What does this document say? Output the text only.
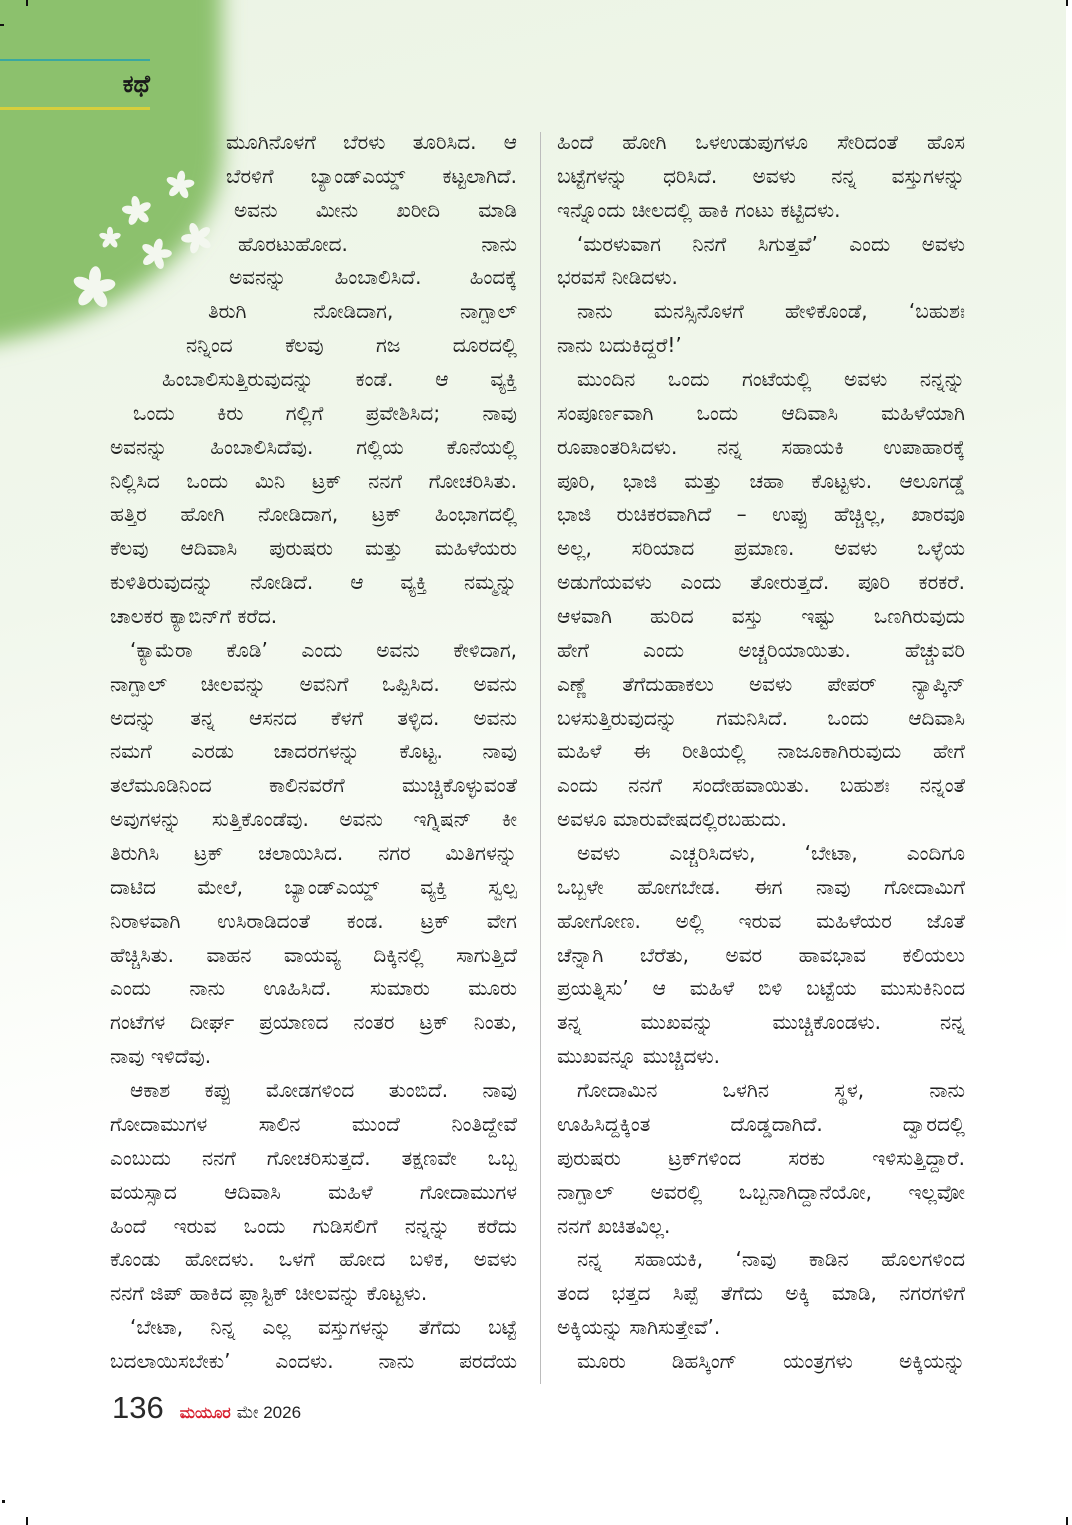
ಕಥೆ
ಮೂಗಿನೊಳಗೆ ಬೆರಳು ತೂರಿಸಿದ. ಆ
ಬೆರಳಿಗೆ ಬ್ಯಾಂಡ್‌ಎಯ್ಡ್ ಕಟ್ಟಲಾಗಿದೆ.
ಅವನು ಮೀನು ಖರೀದಿ ಮಾಡಿ
ಹೊರಟುಹೋದ. ನಾನು
ಅವನನ್ನು ಹಿಂಬಾಲಿಸಿದೆ. ಹಿಂದಕ್ಕೆ
ತಿರುಗಿ ನೋಡಿದಾಗ, ನಾಗ್ಪಾಲ್
ನನ್ನಿಂದ ಕೆಲವು ಗಜ ದೂರದಲ್ಲಿ
ಹಿಂಬಾಲಿಸುತ್ತಿರುವುದನ್ನು ಕಂಡೆ. ಆ ವ್ಯಕ್ತಿ
ಒಂದು ಕಿರು ಗಲ್ಲಿಗೆ ಪ್ರವೇಶಿಸಿದ; ನಾವು
ಅವನನ್ನು ಹಿಂಬಾಲಿಸಿದೆವು. ಗಲ್ಲಿಯ ಕೊನೆಯಲ್ಲಿ
ನಿಲ್ಲಿಸಿದ ಒಂದು ಮಿನಿ ಟ್ರಕ್ ನನಗೆ ಗೋಚರಿಸಿತು.
ಹತ್ತಿರ ಹೋಗಿ ನೋಡಿದಾಗ, ಟ್ರಕ್ ಹಿಂಭಾಗದಲ್ಲಿ
ಕೆಲವು ಆದಿವಾಸಿ ಪುರುಷರು ಮತ್ತು ಮಹಿಳೆಯರು
ಕುಳಿತಿರುವುದನ್ನು ನೋಡಿದೆ. ಆ ವ್ಯಕ್ತಿ ನಮ್ಮನ್ನು
ಚಾಲಕರ ಕ್ಯಾಬಿನ್‌ಗೆ ಕರೆದ.
‘ಕ್ಯಾಮೆರಾ ಕೊಡಿ’ ಎಂದು ಅವನು ಕೇಳಿದಾಗ,
ನಾಗ್ಪಾಲ್ ಚೀಲವನ್ನು ಅವನಿಗೆ ಒಪ್ಪಿಸಿದ. ಅವನು
ಅದನ್ನು ತನ್ನ ಆಸನದ ಕೆಳಗೆ ತಳ್ಳಿದ. ಅವನು
ನಮಗೆ ಎರಡು ಚಾದರಗಳನ್ನು ಕೊಟ್ಟ. ನಾವು
ತಲೆಮೂಡಿನಿಂದ ಕಾಲಿನವರೆಗೆ ಮುಚ್ಚಿಕೊಳ್ಳುವಂತೆ
ಅವುಗಳನ್ನು ಸುತ್ತಿಕೊಂಡೆವು. ಅವನು ಇಗ್ನಿಷನ್ ಕೀ
ತಿರುಗಿಸಿ ಟ್ರಕ್ ಚಲಾಯಿಸಿದ. ನಗರ ಮಿತಿಗಳನ್ನು
ದಾಟಿದ ಮೇಲೆ, ಬ್ಯಾಂಡ್‌ಎಯ್ಡ್ ವ್ಯಕ್ತಿ ಸ್ವಲ್ಪ
ನಿರಾಳವಾಗಿ ಉಸಿರಾಡಿದಂತೆ ಕಂಡ. ಟ್ರಕ್ ವೇಗ
ಹೆಚ್ಚಿಸಿತು. ವಾಹನ ವಾಯವ್ಯ ದಿಕ್ಕಿನಲ್ಲಿ ಸಾಗುತ್ತಿದೆ
ಎಂದು ನಾನು ಊಹಿಸಿದೆ. ಸುಮಾರು ಮೂರು
ಗಂಟೆಗಳ ದೀರ್ಘ ಪ್ರಯಾಣದ ನಂತರ ಟ್ರಕ್ ನಿಂತು,
ನಾವು ಇಳಿದೆವು.
ಆಕಾಶ ಕಪ್ಪು ಮೋಡಗಳಿಂದ ತುಂಬಿದೆ. ನಾವು
ಗೋದಾಮುಗಳ ಸಾಲಿನ ಮುಂದೆ ನಿಂತಿದ್ದೇವೆ
ಎಂಬುದು ನನಗೆ ಗೋಚರಿಸುತ್ತದೆ. ತಕ್ಷಣವೇ ಒಬ್ಬ
ವಯಸ್ಸಾದ ಆದಿವಾಸಿ ಮಹಿಳೆ ಗೋದಾಮುಗಳ
ಹಿಂದೆ ಇರುವ ಒಂದು ಗುಡಿಸಲಿಗೆ ನನ್ನನ್ನು ಕರೆದು
ಕೊಂಡು ಹೋದಳು. ಒಳಗೆ ಹೋದ ಬಳಿಕ, ಅವಳು
ನನಗೆ ಜಿಪ್ ಹಾಕಿದ ಪ್ಲಾಸ್ಟಿಕ್ ಚೀಲವನ್ನು ಕೊಟ್ಟಳು.
‘ಬೇಟಾ, ನಿನ್ನ ಎಲ್ಲ ವಸ್ತುಗಳನ್ನು ತೆಗೆದು ಬಟ್ಟೆ
ಬದಲಾಯಿಸಬೇಕು’ ಎಂದಳು. ನಾನು ಪರದೆಯ
ಹಿಂದೆ ಹೋಗಿ ಒಳಉಡುಪುಗಳೂ ಸೇರಿದಂತೆ ಹೊಸ
ಬಟ್ಟೆಗಳನ್ನು ಧರಿಸಿದೆ. ಅವಳು ನನ್ನ ವಸ್ತುಗಳನ್ನು
ಇನ್ನೊಂದು ಚೀಲದಲ್ಲಿ ಹಾಕಿ ಗಂಟು ಕಟ್ಟಿದಳು.
‘ಮರಳುವಾಗ ನಿನಗೆ ಸಿಗುತ್ತವೆ’ ಎಂದು ಅವಳು
ಭರವಸೆ ನೀಡಿದಳು.
ನಾನು ಮನಸ್ಸಿನೊಳಗೆ ಹೇಳಿಕೊಂಡೆ, ‘ಬಹುಶಃ
ನಾನು ಬದುಕಿದ್ದರೆ!’
ಮುಂದಿನ ಒಂದು ಗಂಟೆಯಲ್ಲಿ ಅವಳು ನನ್ನನ್ನು
ಸಂಪೂರ್ಣವಾಗಿ ಒಂದು ಆದಿವಾಸಿ ಮಹಿಳೆಯಾಗಿ
ರೂಪಾಂತರಿಸಿದಳು. ನನ್ನ ಸಹಾಯಕಿ ಉಪಾಹಾರಕ್ಕೆ
ಪೂರಿ, ಭಾಜಿ ಮತ್ತು ಚಹಾ ಕೊಟ್ಟಳು. ಆಲೂಗಡ್ಡೆ
ಭಾಜಿ ರುಚಿಕರವಾಗಿದೆ – ಉಪ್ಪು ಹೆಚ್ಚಿಲ್ಲ, ಖಾರವೂ
ಅಲ್ಲ, ಸರಿಯಾದ ಪ್ರಮಾಣ. ಅವಳು ಒಳ್ಳೆಯ
ಅಡುಗೆಯವಳು ಎಂದು ತೋರುತ್ತದೆ. ಪೂರಿ ಕರಕರೆ.
ಆಳವಾಗಿ ಹುರಿದ ವಸ್ತು ಇಷ್ಟು ಒಣಗಿರುವುದು
ಹೇಗೆ ಎಂದು ಅಚ್ಚರಿಯಾಯಿತು. ಹೆಚ್ಚುವರಿ
ಎಣ್ಣೆ ತೆಗೆದುಹಾಕಲು ಅವಳು ಪೇಪರ್ ನ್ಯಾಪ್ಕಿನ್
ಬಳಸುತ್ತಿರುವುದನ್ನು ಗಮನಿಸಿದೆ. ಒಂದು ಆದಿವಾಸಿ
ಮಹಿಳೆ ಈ ರೀತಿಯಲ್ಲಿ ನಾಜೂಕಾಗಿರುವುದು ಹೇಗೆ
ಎಂದು ನನಗೆ ಸಂದೇಹವಾಯಿತು. ಬಹುಶಃ ನನ್ನಂತೆ
ಅವಳೂ ಮಾರುವೇಷದಲ್ಲಿರಬಹುದು.
ಅವಳು ಎಚ್ಚರಿಸಿದಳು, ‘ಬೇಟಾ, ಎಂದಿಗೂ
ಒಬ್ಬಳೇ ಹೋಗಬೇಡ. ಈಗ ನಾವು ಗೋದಾಮಿಗೆ
ಹೋಗೋಣ. ಅಲ್ಲಿ ಇರುವ ಮಹಿಳೆಯರ ಜೊತೆ
ಚೆನ್ನಾಗಿ ಬೆರೆತು, ಅವರ ಹಾವಭಾವ ಕಲಿಯಲು
ಪ್ರಯತ್ನಿಸು’ ಆ ಮಹಿಳೆ ಬಿಳಿ ಬಟ್ಟೆಯ ಮುಸುಕಿನಿಂದ
ತನ್ನ ಮುಖವನ್ನು ಮುಚ್ಚಿಕೊಂಡಳು. ನನ್ನ
ಮುಖವನ್ನೂ ಮುಚ್ಚಿದಳು.
ಗೋದಾಮಿನ ಒಳಗಿನ ಸ್ಥಳ, ನಾನು
ಊಹಿಸಿದ್ದಕ್ಕಿಂತ ದೊಡ್ಡದಾಗಿದೆ. ದ್ವಾರದಲ್ಲಿ
ಪುರುಷರು ಟ್ರಕ್‌ಗಳಿಂದ ಸರಕು ಇಳಿಸುತ್ತಿದ್ದಾರೆ.
ನಾಗ್ಪಾಲ್ ಅವರಲ್ಲಿ ಒಬ್ಬನಾಗಿದ್ದಾನೆಯೋ, ಇಲ್ಲವೋ
ನನಗೆ ಖಚಿತವಿಲ್ಲ.
ನನ್ನ ಸಹಾಯಕಿ, ‘ನಾವು ಕಾಡಿನ ಹೊಲಗಳಿಂದ
ತಂದ ಭತ್ತದ ಸಿಪ್ಪೆ ತೆಗೆದು ಅಕ್ಕಿ ಮಾಡಿ, ನಗರಗಳಿಗೆ
ಅಕ್ಕಿಯನ್ನು ಸಾಗಿಸುತ್ತೇವೆ’.
ಮೂರು ಡಿಹಸ್ಕಿಂಗ್ ಯಂತ್ರಗಳು ಅಕ್ಕಿಯನ್ನು
136 ಮಯೂರ ಮೇ 2026
